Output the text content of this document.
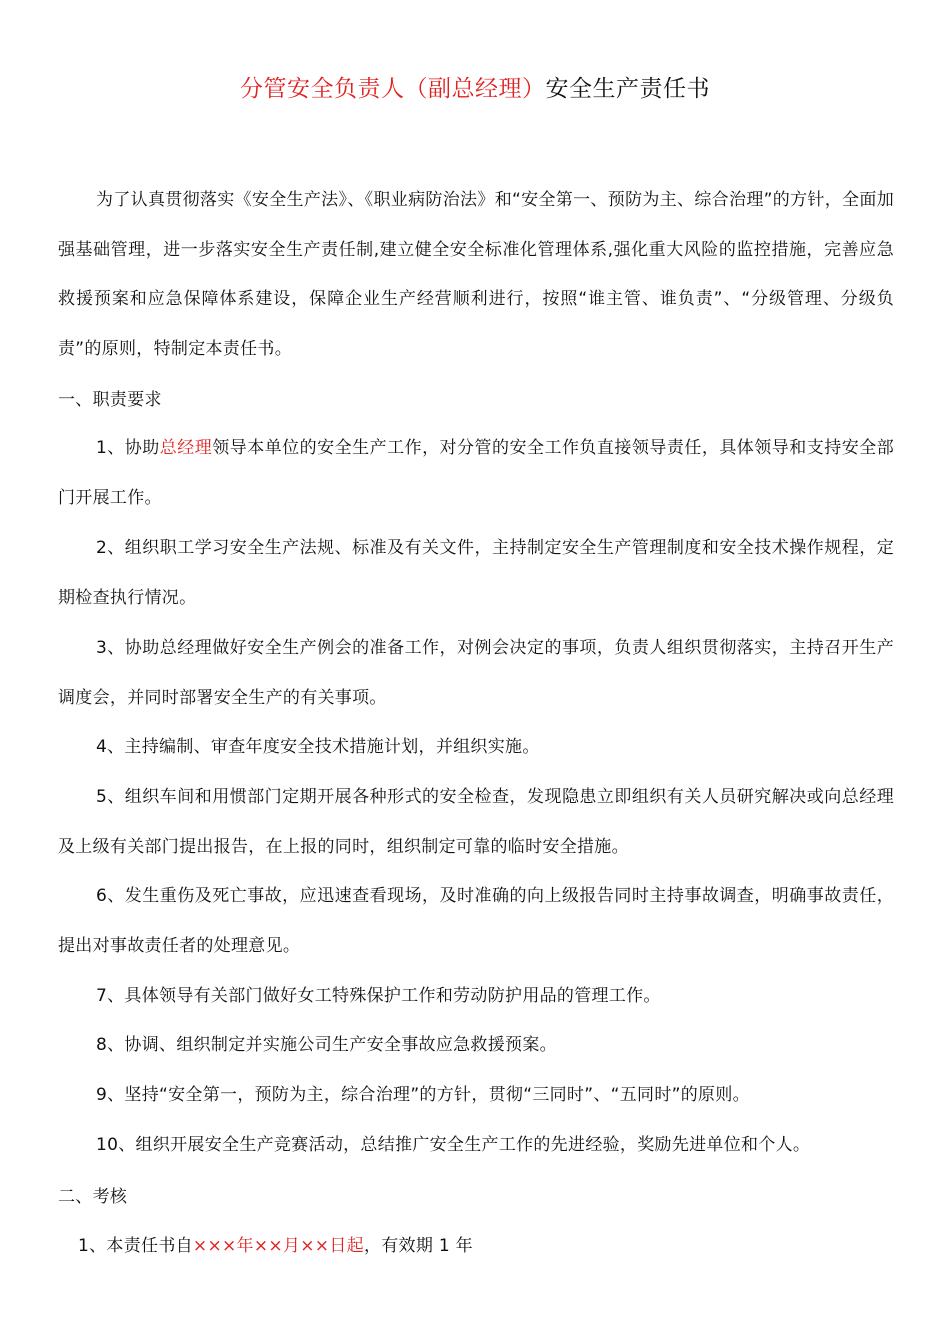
分管安全负责人（副总经理）安全生产责任书

为了认真贯彻落实《安全生产法》、《职业病防治法》和“安全第一、预防为主、综合治理”的方针，全面加强基础管理，进一步落实安全生产责任制,建立健全安全标准化管理体系,强化重大风险的监控措施，完善应急救援预案和应急保障体系建设，保障企业生产经营顺利进行，按照“谁主管、谁负责”、“分级管理、分级负责”的原则，特制定本责任书。

一、职责要求

1、协助总经理领导本单位的安全生产工作，对分管的安全工作负直接领导责任，具体领导和支持安全部门开展工作。

2、组织职工学习安全生产法规、标准及有关文件，主持制定安全生产管理制度和安全技术操作规程，定期检查执行情况。

3、协助总经理做好安全生产例会的准备工作，对例会决定的事项，负责人组织贯彻落实，主持召开生产调度会，并同时部署安全生产的有关事项。

4、主持编制、审查年度安全技术措施计划，并组织实施。

5、组织车间和用惯部门定期开展各种形式的安全检查，发现隐患立即组织有关人员研究解决或向总经理及上级有关部门提出报告，在上报的同时，组织制定可靠的临时安全措施。

6、发生重伤及死亡事故，应迅速查看现场，及时准确的向上级报告同时主持事故调查，明确事故责任，提出对事故责任者的处理意见。

7、具体领导有关部门做好女工特殊保护工作和劳动防护用品的管理工作。

8、协调、组织制定并实施公司生产安全事故应急救援预案。

9、坚持“安全第一，预防为主，综合治理”的方针，贯彻“三同时”、“五同时”的原则。

10、组织开展安全生产竞赛活动，总结推广安全生产工作的先进经验，奖励先进单位和个人。

二、考核
1、本责任书自×××年××月××日起，有效期 1 年
